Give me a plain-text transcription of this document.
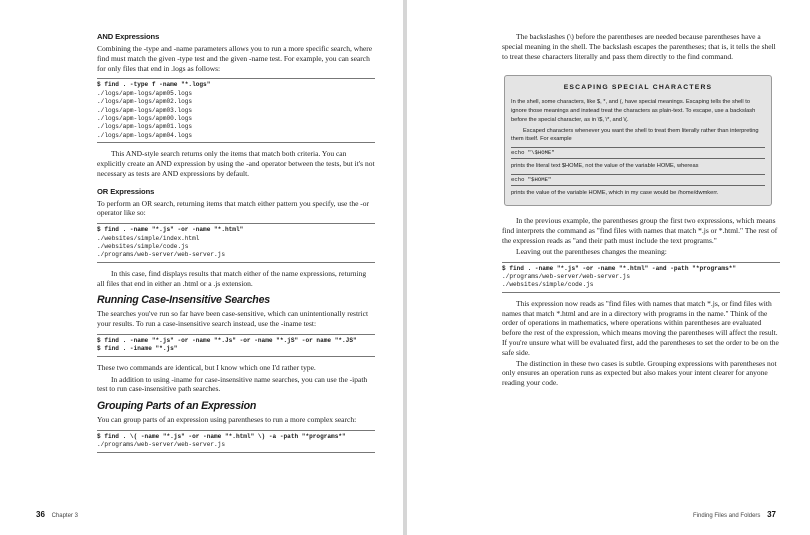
AND Expressions

Combining the -type and -name parameters allows you to run a more specific search, where find must match the given -type test and the given -name test. For example, you can search for only files that end in .logs as follows:

$ find . -type f -name "*.logs"
./logs/apm-logs/apm05.logs
./logs/apm-logs/apm02.logs
./logs/apm-logs/apm03.logs
./logs/apm-logs/apm00.logs
./logs/apm-logs/apm01.logs
./logs/apm-logs/apm04.logs

This AND-style search returns only the items that match both criteria. You can explicitly create an AND expression by using the -and operator between the tests, but it's not necessary as tests are AND expressions by default.

OR Expressions

To perform an OR search, returning items that match either pattern you specify, use the -or operator like so:

$ find . -name "*.js" -or -name "*.html"
./websites/simple/index.html
./websites/simple/code.js
./programs/web-server/web-server.js

In this case, find displays results that match either of the name expressions, returning all files that end in either an .html or a .js extension.

Running Case-Insensitive Searches

The searches you've run so far have been case-sensitive, which can unintentionally restrict your results. To run a case-insensitive search instead, use the -iname test:

$ find . -name "*.js" -or -name "*.Js" -or -name "*.jS" -or name "*.JS"
$ find . -iname "*.js"

These two commands are identical, but I know which one I'd rather type.

In addition to using -iname for case-insensitive name searches, you can use the -ipath test to run case-insensitive path searches.

Grouping Parts of an Expression

You can group parts of an expression using parentheses to run a more complex search:

$ find . \( -name "*.js" -or -name "*.html" \) -a -path "*programs*"
./programs/web-server/web-server.js
36 Chapter 3

The backslashes (\) before the parentheses are needed because parentheses have a special meaning in the shell. The backslash escapes the parentheses; that is, it tells the shell to treat these characters literally and pass them directly to the find command.

ESCAPING SPECIAL CHARACTERS

In the shell, some characters, like $, *, and (, have special meanings. Escaping tells the shell to ignore those meanings and instead treat the characters as plain-text. To escape, use a backslash before the special character, as in \$, \*, and \(.

Escaped characters whenever you want the shell to treat them literally rather than interpreting them itself. For example

echo "\$HOME"

prints the literal text $HOME, not the value of the variable HOME, whereas

echo "$HOME"

prints the value of the variable HOME, which in my case would be /home/dwmkerr.

In the previous example, the parentheses group the first two expressions, which means find interprets the command as "find files with names that match *.js or *.html." The rest of the expression reads as "and their path must include the text programs."

Leaving out the parentheses changes the meaning:

$ find . -name "*.js" -or -name "*.html" -and -path "*programs*"
./programs/web-server/web-server.js
./websites/simple/code.js

This expression now reads as "find files with names that match *.js, or find files with names that match *.html and are in a directory with programs in the name." Think of the order of operations in mathematics, where operations within parentheses are evaluated before the rest of the expression, which means moving the parentheses will affect the result. If you're unsure what will be evaluated first, add the parentheses to set the order to be on the safe side.

The distinction in these two cases is subtle. Grouping expressions with parentheses not only ensures an operation runs as expected but also makes your intent clearer for anyone reading your code.

Finding Files and Folders 37
